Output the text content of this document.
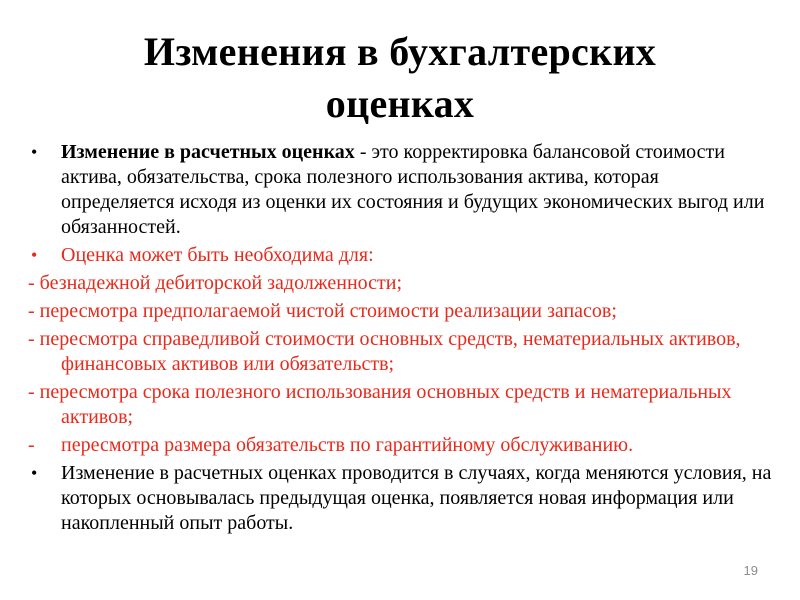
Изменения в бухгалтерских оценках
•	Изменение в расчетных оценках - это корректировка балансовой стоимости актива, обязательства, срока полезного использования актива, которая определяется исходя из оценки их состояния и будущих экономических выгод или обязанностей.
•	Оценка может быть необходима для:
- безнадежной дебиторской задолженности;
- пересмотра предполагаемой чистой стоимости реализации запасов;
- пересмотра справедливой стоимости основных средств, нематериальных активов, финансовых активов или обязательств;
- пересмотра срока полезного использования основных средств и нематериальных активов;
-	пересмотра размера обязательств по гарантийному обслуживанию.
•	Изменение в расчетных оценках проводится в случаях, когда меняются условия, на которых основывалась предыдущая оценка, появляется новая информация или накопленный опыт работы.
19
